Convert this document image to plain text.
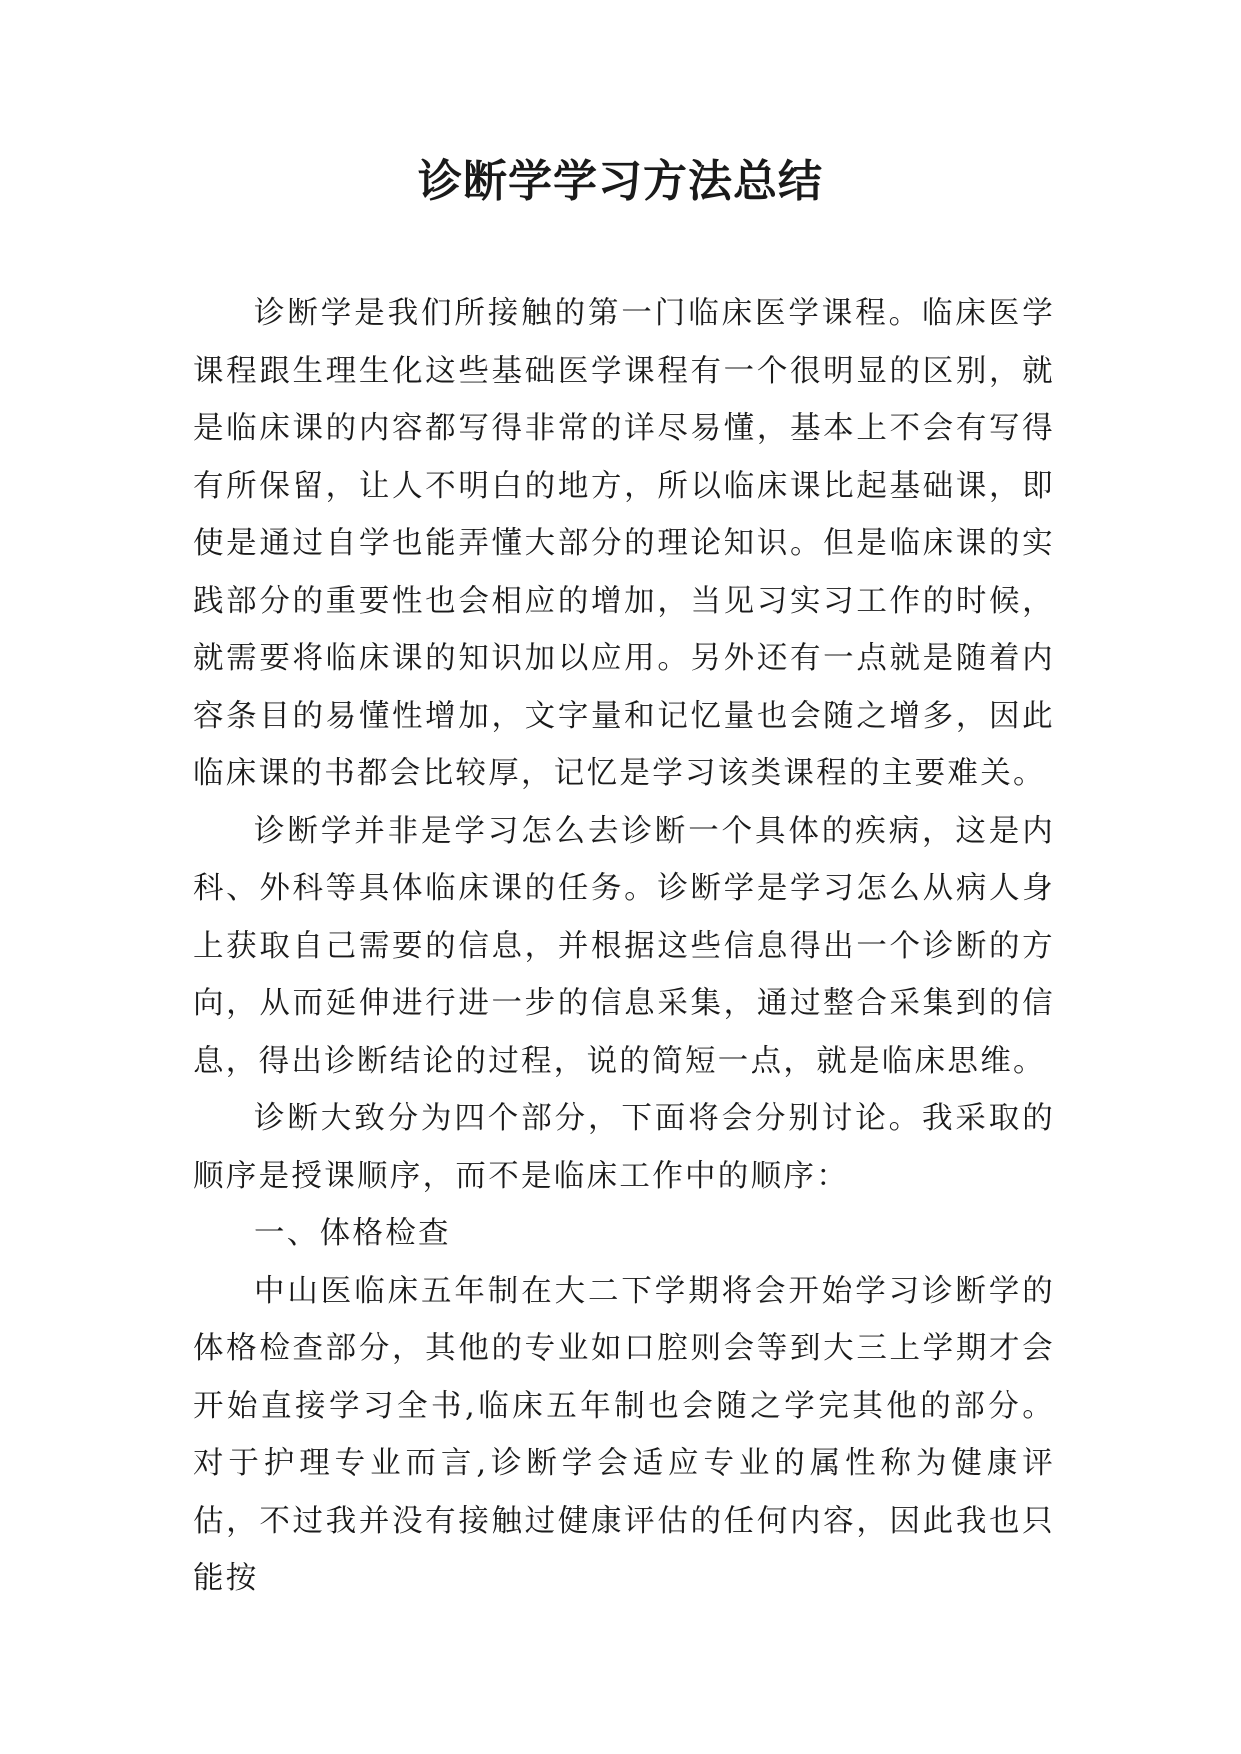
诊断学学习方法总结

诊断学是我们所接触的第一门临床医学课程。临床医学课程跟生理生化这些基础医学课程有一个很明显的区别，就是临床课的内容都写得非常的详尽易懂，基本上不会有写得有所保留，让人不明白的地方，所以临床课比起基础课，即使是通过自学也能弄懂大部分的理论知识。但是临床课的实践部分的重要性也会相应的增加，当见习实习工作的时候，就需要将临床课的知识加以应用。另外还有一点就是随着内容条目的易懂性增加，文字量和记忆量也会随之增多，因此临床课的书都会比较厚，记忆是学习该类课程的主要难关。

诊断学并非是学习怎么去诊断一个具体的疾病，这是内科、外科等具体临床课的任务。诊断学是学习怎么从病人身上获取自己需要的信息，并根据这些信息得出一个诊断的方向，从而延伸进行进一步的信息采集，通过整合采集到的信息，得出诊断结论的过程，说的简短一点，就是临床思维。

诊断大致分为四个部分，下面将会分别讨论。我采取的顺序是授课顺序，而不是临床工作中的顺序：

一、体格检查

中山医临床五年制在大二下学期将会开始学习诊断学的体格检查部分，其他的专业如口腔则会等到大三上学期才会开始直接学习全书,临床五年制也会随之学完其他的部分。对于护理专业而言,诊断学会适应专业的属性称为健康评估，不过我并没有接触过健康评估的任何内容，因此我也只能按
